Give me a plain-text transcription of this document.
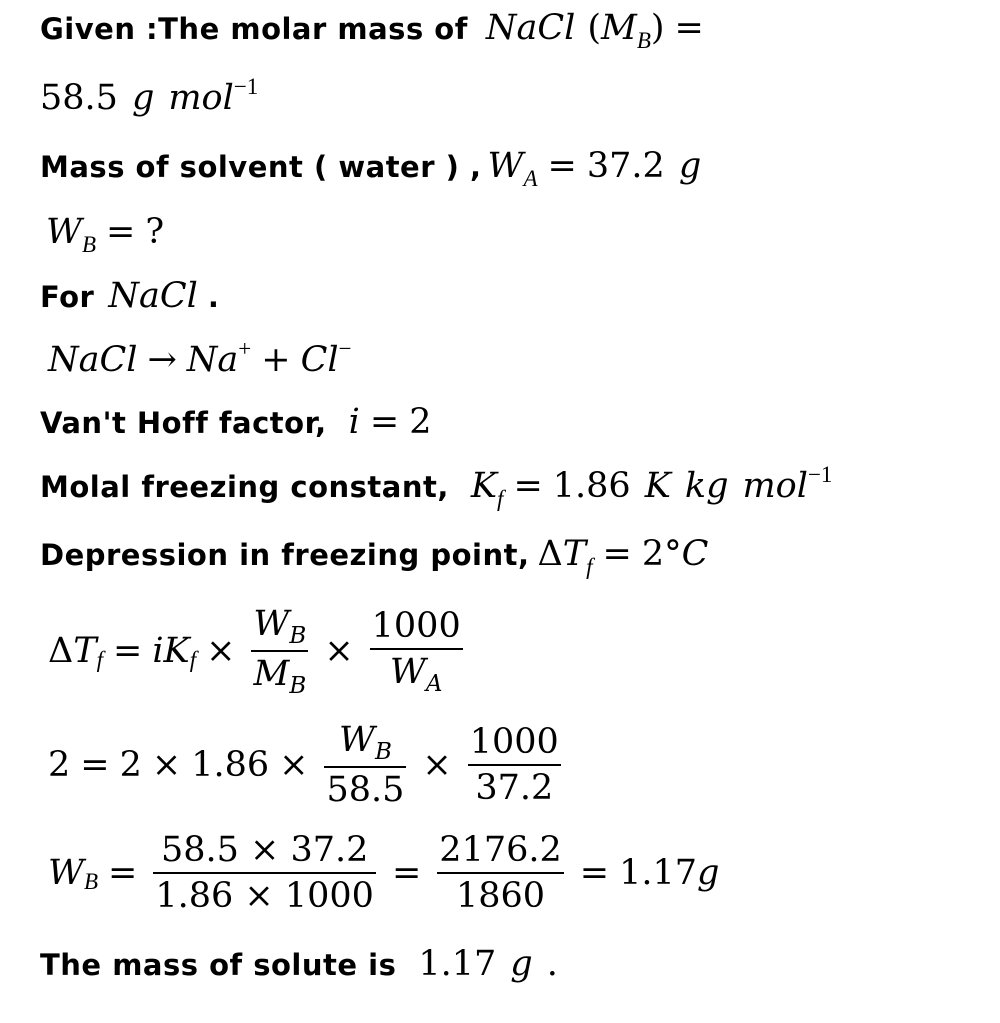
Given :The molar mass of NaCl ( M B ) =
58.5 g mol −1
Mass of solvent ( water ) , W A = 37.2 g
W B = ?
For NaCl .
NaCl → Na + + Cl −
Van't Hoff factor, i = 2
Molal freezing constant, K f = 1.86 K kg mol −1
Depression in freezing point, Δ T f = 2° C
Δ T f = iK $f \times \frac{W_B}{M_B} \times \frac{1000}{W_A}$
$2 = 2 \times 1.86 \times \frac{W_B}{58.5} \times \frac{1000}{37.2}$
W $B = \frac{58.5 \times 37.2}{1.86 \times 1000} = \frac{2176.2}{1860} = 1.17$ g
The mass of solute is 1.17 g .
